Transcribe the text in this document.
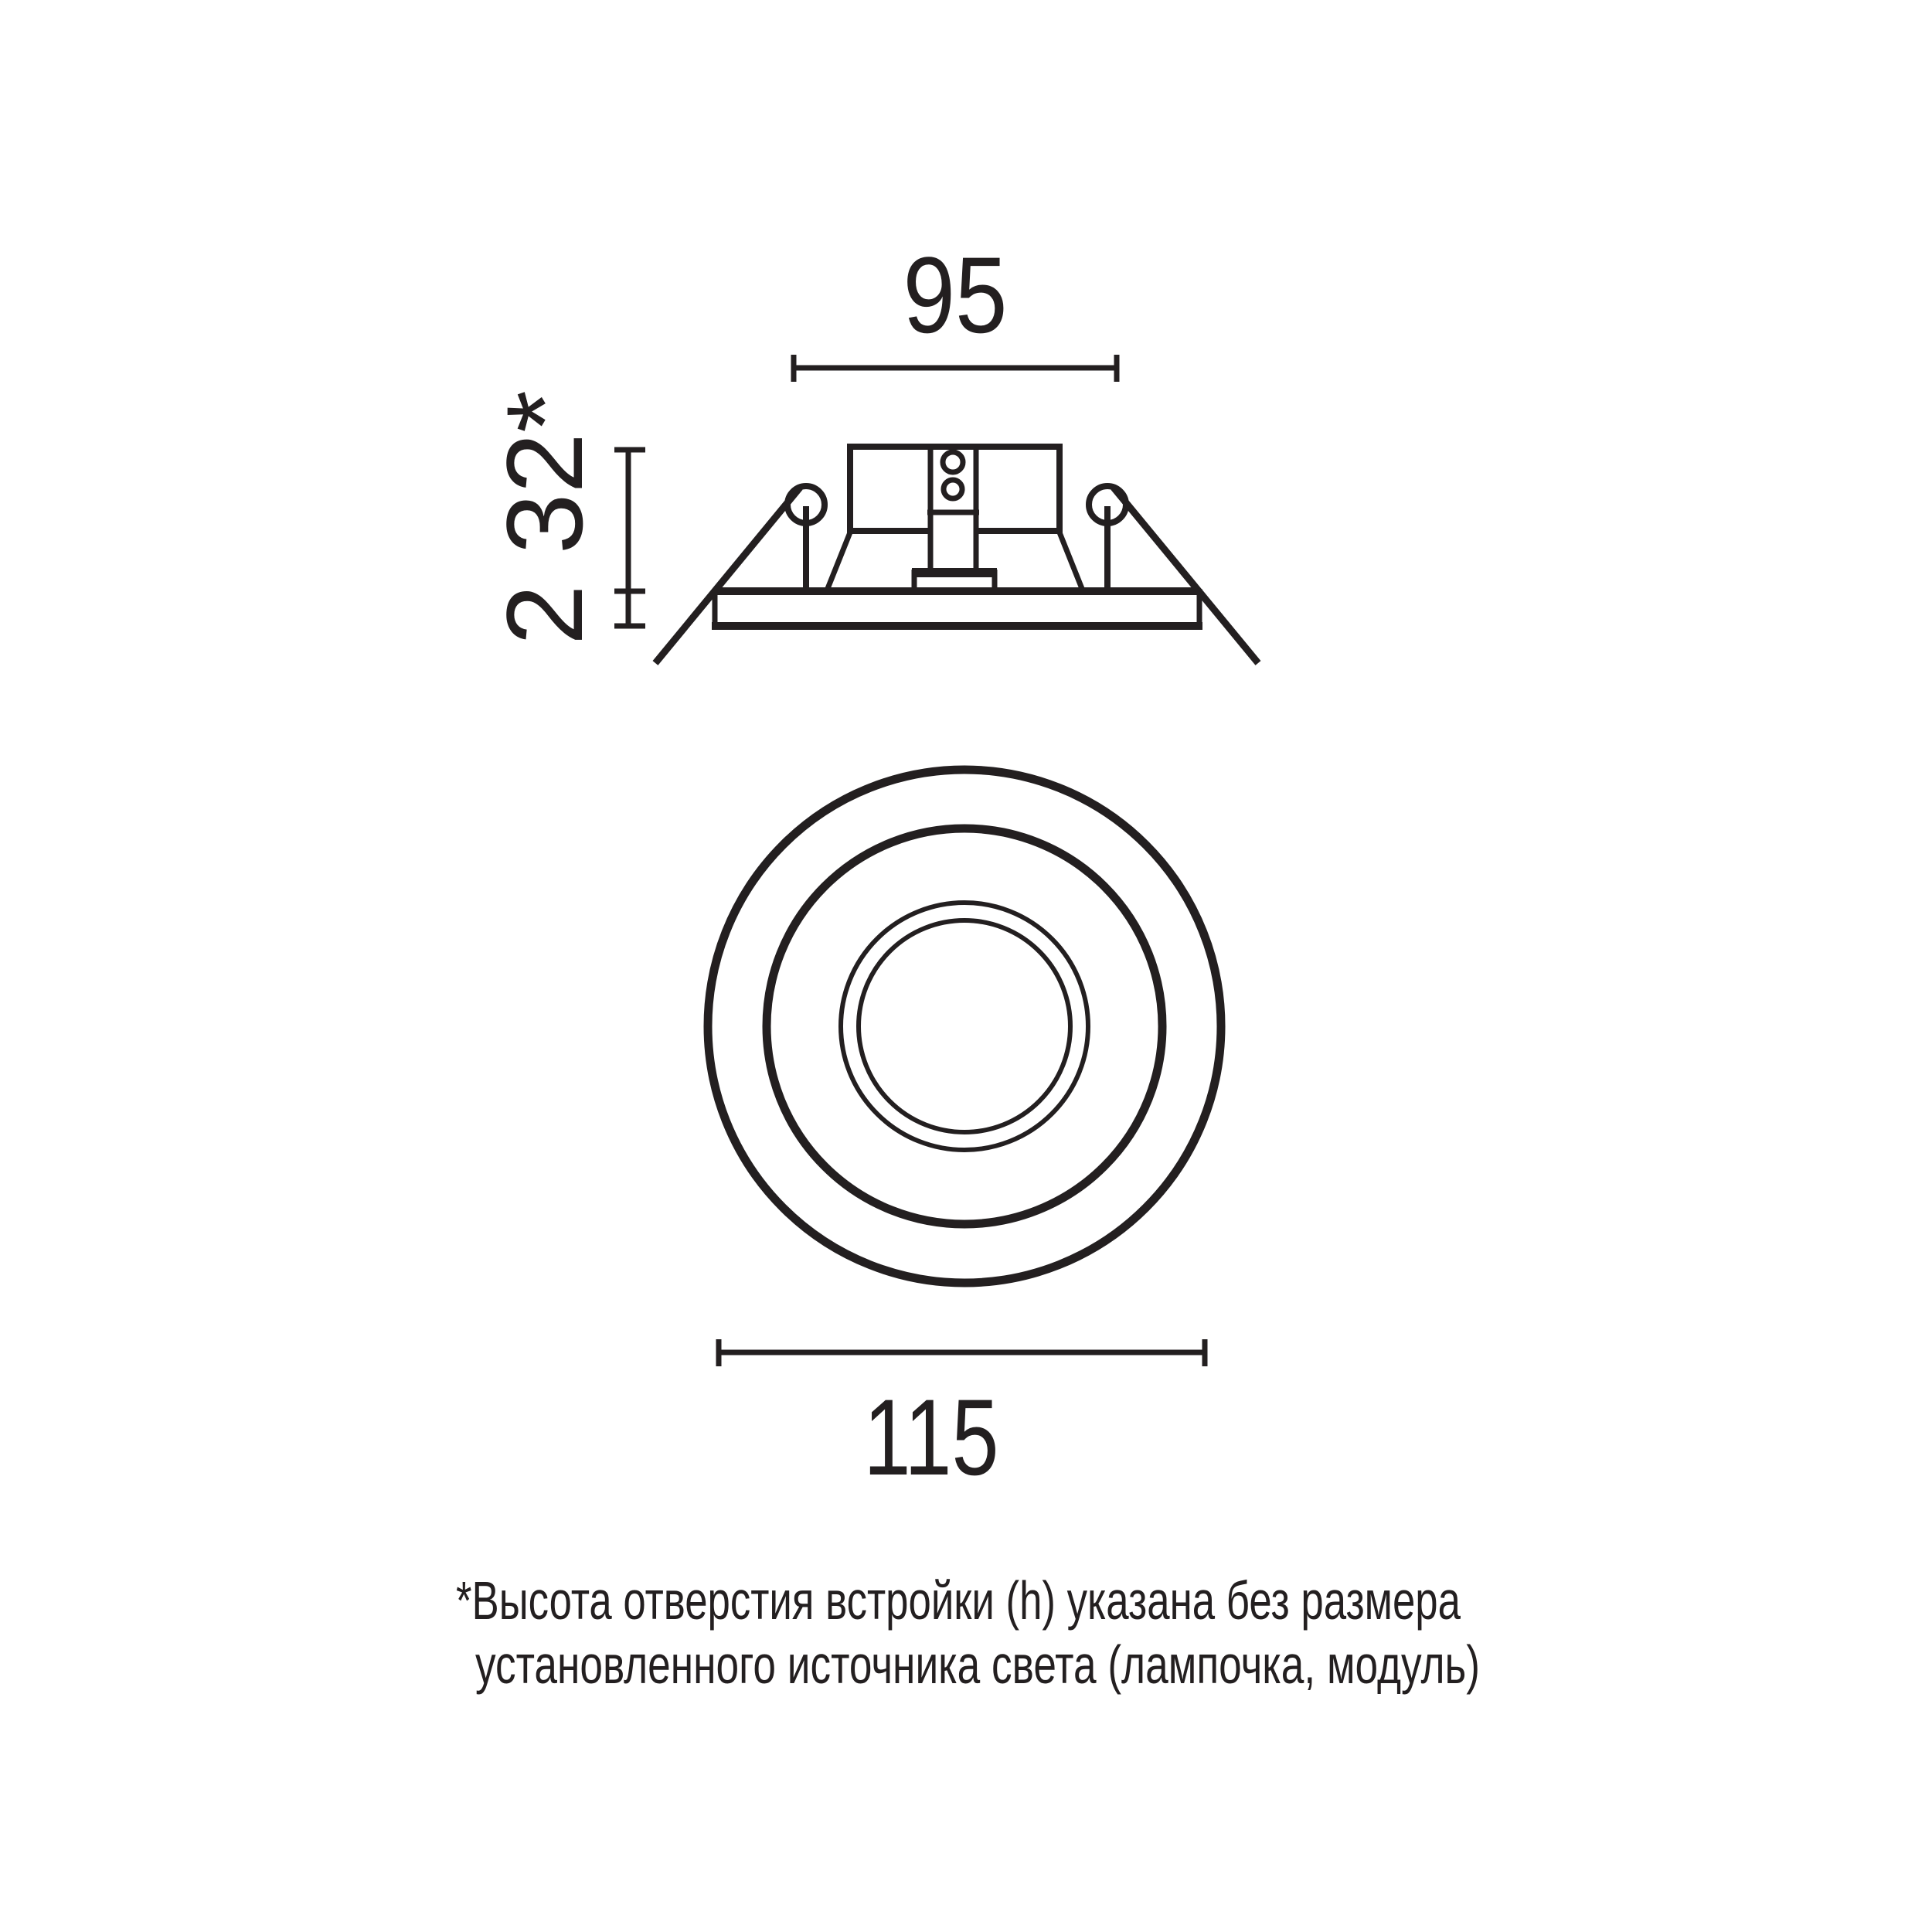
95
2 32*
115
*Высота отверстия встройки (h) указана без размера
установленного источника света (лампочка, модуль)
